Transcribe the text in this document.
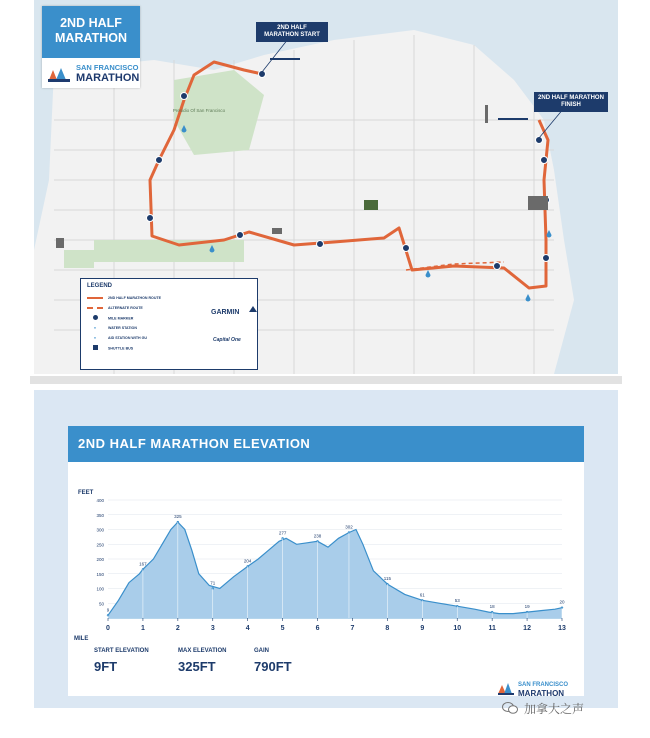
Presidio Of San Francisco
2ND HALF MARATHON
SAN FRANCISCO
MARATHON
2ND HALF MARATHON START
2ND HALF MARATHON FINISH
LEGEND
2ND HALF MARATHON ROUTE
ALTERNATE ROUTE
MILE MARKER
●	WATER STATION
●	AID STATION WITH GU
SHUTTLE BUS
GARMIN
Capital One
2ND HALF MARATHON ELEVATION
400
350
300
250
200
150
100
50
9
167
325
71
204
277
238
302
115
61
53
18	19
20
0	1	2	3	4	5	6	7	8	9	10	11	12	13
FEET
MILE
START ELEVATION
9FT
MAX ELEVATION
325FT
GAIN
790FT
SAN FRANCISCO
MARATHON
加拿大之声
